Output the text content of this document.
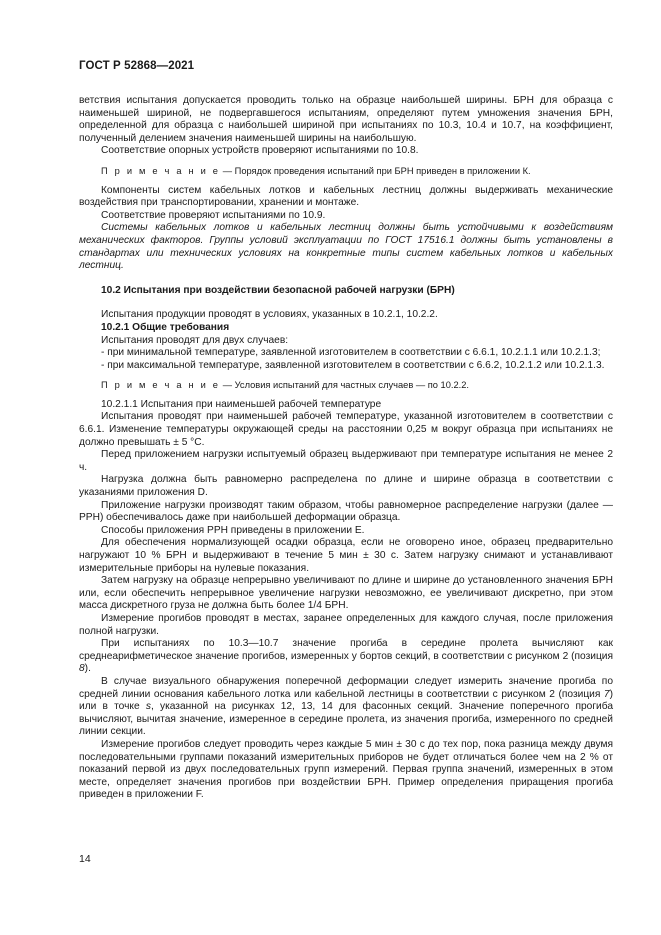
ГОСТ Р 52868—2021

ветствия испытания допускается проводить только на образце наибольшей ширины. БРН для образца с наименьшей шириной, не подвергавшегося испытаниям, определяют путем умножения значения БРН, определенной для образца с наибольшей шириной при испытаниях по 10.3, 10.4 и 10.7, на коэффициент, полученный делением значения наименьшей ширины на наибольшую.

Соответствие опорных устройств проверяют испытаниями по 10.8.

П р и м е ч а н и е — Порядок проведения испытаний при БРН приведен в приложении К.

Компоненты систем кабельных лотков и кабельных лестниц должны выдерживать механические воздействия при транспортировании, хранении и монтаже.

Соответствие проверяют испытаниями по 10.9.

Системы кабельных лотков и кабельных лестниц должны быть устойчивыми к воздействиям механических факторов. Группы условий эксплуатации по ГОСТ 17516.1 должны быть установлены в стандартах или технических условиях на конкретные типы систем кабельных лотков и кабельных лестниц.

10.2 Испытания при воздействии безопасной рабочей нагрузки (БРН)

Испытания продукции проводят в условиях, указанных в 10.2.1, 10.2.2.

10.2.1 Общие требования

Испытания проводят для двух случаев:

- при минимальной температуре, заявленной изготовителем в соответствии с 6.6.1, 10.2.1.1 или 10.2.1.3;

- при максимальной температуре, заявленной изготовителем в соответствии с 6.6.2, 10.2.1.2 или 10.2.1.3.

П р и м е ч а н и е — Условия испытаний для частных случаев — по 10.2.2.

10.2.1.1 Испытания при наименьшей рабочей температуре

Испытания проводят при наименьшей рабочей температуре, указанной изготовителем в соответствии с 6.6.1. Изменение температуры окружающей среды на расстоянии 0,25 м вокруг образца при испытаниях не должно превышать ± 5 °С.

Перед приложением нагрузки испытуемый образец выдерживают при температуре испытания не менее 2 ч.

Нагрузка должна быть равномерно распределена по длине и ширине образца в соответствии с указаниями приложения D.

Приложение нагрузки производят таким образом, чтобы равномерное распределение нагрузки (далее — РРН) обеспечивалось даже при наибольшей деформации образца.

Способы приложения РРН приведены в приложении Е.

Для обеспечения нормализующей осадки образца, если не оговорено иное, образец предварительно нагружают 10 % БРН и выдерживают в течение 5 мин ± 30 с. Затем нагрузку снимают и устанавливают измерительные приборы на нулевые показания.

Затем нагрузку на образце непрерывно увеличивают по длине и ширине до установленного значения БРН или, если обеспечить непрерывное увеличение нагрузки невозможно, ее увеличивают дискретно, при этом масса дискретного груза не должна быть более 1/4 БРН.

Измерение прогибов проводят в местах, заранее определенных для каждого случая, после приложения полной нагрузки.

При испытаниях по 10.3—10.7 значение прогиба в середине пролета вычисляют как среднеарифметическое значение прогибов, измеренных у бортов секций, в соответствии с рисунком 2 (позиция 8).

В случае визуального обнаружения поперечной деформации следует измерить значение прогиба по средней линии основания кабельного лотка или кабельной лестницы в соответствии с рисунком 2 (позиция 7) или в точке s, указанной на рисунках 12, 13, 14 для фасонных секций. Значение поперечного прогиба вычисляют, вычитая значение, измеренное в середине пролета, из значения прогиба, измеренного по средней линии секции.

Измерение прогибов следует проводить через каждые 5 мин ± 30 с до тех пор, пока разница между двумя последовательными группами показаний измерительных приборов не будет отличаться более чем на 2 % от показаний первой из двух последовательных групп измерений. Первая группа значений, измеренных в этом месте, определяет значения прогибов при воздействии БРН. Пример определения приращения прогиба приведен в приложении F.

14
